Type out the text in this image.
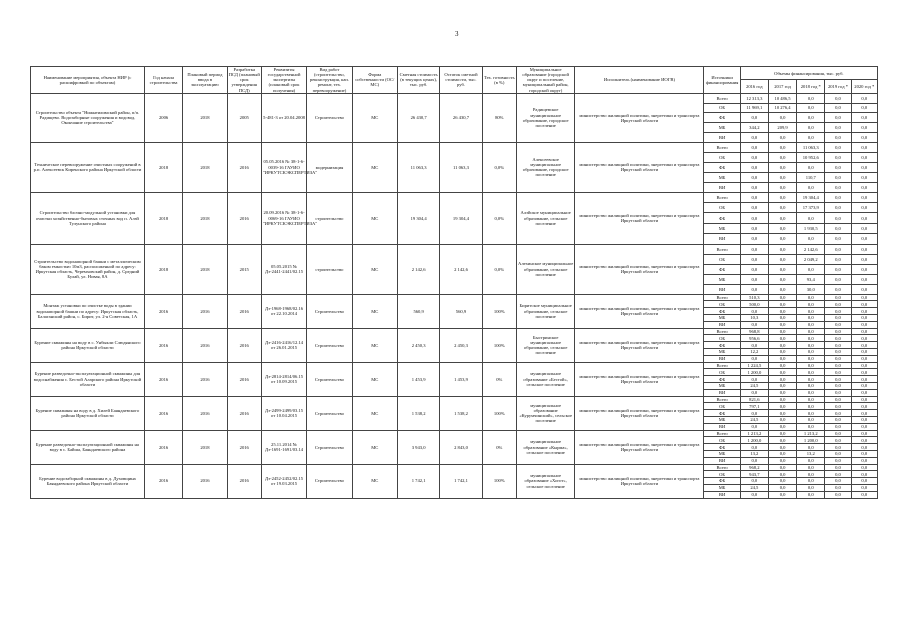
3
Наименование мероприятия, объекта НИР (с расшифровкой по объектам)	Год начала строительства	Плановый период ввода в эксплуатацию	Разработка ПСД (плановый срок утверждения ПСД)	Реквизиты государственной экспертизы (плановый срок получения)	Вид работ (строительство, реконструкция, кап. ремонт, тех. перевооружение)	Форма собственности (ОС/МС)	Сметная стоимость (в текущих ценах), тыс. руб.	Остаток сметной стоимости, тыс. руб.	Тех. готовность (в %)	Муниципальное образование (городской округ и поселение, муниципальный район, городской округ)	Исполнитель (наименование ИОГВ)	Источники финансирования	Объемы финансирования, тыс. руб.				
													2016 год	2017 год	2018 год *	2019 год *	2020 год *
Строительство объекта "Нижнеилимский район, п/п. Радищево. Водозаборные сооружения и водовод. Окончание строительства"	2006	2018	2005	5-481-3 от 20.04.2008	Строительство	МС	26 430,7	26 430,7	80%	Радищевское муниципальное образование, городское поселение	министерство жилищной политики, энергетики и транспорта Иркутской области	Всего	12 313,3	10 486,5	0,0	0,0	0,0
												ОБ	11 969,1	10 276,4	0,0	0,0	0,0
												ФБ	0,0	0,0	0,0	0,0	0,0
												МБ	344,2	209,9	0,0	0,0	0,0
												ВИ	0,0	0,0	0,0	0,0	0,0
Техническое перевооружение очистных сооружений в р.п. Алексеевск Киренского района Иркутской области	2018	2018	2016	05.05.2016 № 38-1-6-0039-16 ГАУИО "ИРКУТСКЭКСПЕРТИЗА"	модернизация	МС	11 063,3	11 063,3	0,0%	Алексеевское муниципальное образование, городское поселение	министерство жилищной политики, энергетики и транспорта Иркутской области	Всего	0,0	0,0	11 063,3	0,0	0,0
												ОБ	0,0	0,0	10 952,6	0,0	0,0
												ФБ	0,0	0,0	0,0	0,0	0,0
												МБ	0,0	0,0	110,7	0,0	0,0
												ВИ	0,0	0,0	0,0	0,0	0,0
Строительство блочно-модульной установки для очистки хозяйственно-бытовых сточных вод п. Алзй Тулунского района	2018	2018	2016	20.09.2016 № 38-1-6-0069-16 ГАУИО "ИРКУТСКЭКСПЕРТИЗА"	строительство	МС	19 304,4	19 304,4	0,0%	Алзйское муниципальное образование, сельское поселение	министерство жилищной политики, энергетики и транспорта Иркутской области	Всего	0,0	0,0	19 304,4	0,0	0,0
												ОБ	0,0	0,0	17 373,9	0,0	0,0
												ФБ	0,0	0,0	0,0	0,0	0,0
												МБ	0,0	0,0	1 930,5	0,0	0,0
												ВИ	0,0	0,0	0,0	0,0	0,0
Строительство водонапорной башни с металлическим баком емкостью 10м3, расположенной по адресу: Иркутская область, Черемховский район, д. Средний Булай, ул. Новая, 8А	2018	2018	2015	05.05.2015 № Дз-2441-2441/02.15	строительство	МС	2 142,6	2 142,6	0,0%	Алехинское муниципальное образование, сельское поселение	министерство жилищной политики, энергетики и транспорта Иркутской области	Всего	0,0	0,0	2 142,6	0,0	0,0
												ОБ	0,0	0,0	2 049,2	0,0	0,0
												ФБ	0,0	0,0	0,0	0,0	0,0
												МБ	0,0	0,0	93,4	0,0	0,0
												ВИ	0,0	0,0	30,0	0,0	0,0
Монтаж установки по очистке воды в здании водонапорной башни по адресу: Иркутская область, Балаганский район, с. Бирит, ул. 2-я Советская, 1А	2016	2016	2016	Дз-1968-1968/02.16 от 22.10.2014	Строительство	МС	560,9	560,9	100%	Биритское муниципальное образование, сельское поселение	министерство жилищной политики, энергетики и транспорта Иркутской области	Всего	510,3	0,0	0,0	0,0	0,0
												ОБ	500,0	0,0	0,0	0,0	0,0
												ФБ	0,0	0,0	0,0	0,0	0,0
												МБ	10,3	0,0	0,0	0,0	0,0
												ВИ	0,0	0,0	0,0	0,0	0,0
Бурение скважины на воду в с. Унбыкли Слюдянского района Иркутской области	2016	2016	2016	Дз-2416-2416/12.14 от 26.01.2015	Строительство	МС	2 450,3	2 450,3	100%	Быстринское муниципальное образование, сельское поселение	министерство жилищной политики, энергетики и транспорта Иркутской области	Всего	968,8	0,0	0,0	0,0	0,0
												ОБ	956,6	0,0	0,0	0,0	0,0
												ФБ	0,0	0,0	0,0	0,0	0,0
												МБ	12,2	0,0	0,0	0,0	0,0
												ВИ	0,0	0,0	0,0	0,0	0,0
Бурение разведочно-эксплуатационной скважины для водоснабжения с. Бестой Аларского района Иркутской области	2016	2016	2016	Дз-2814-2814/06.15 от 10.09.2015	Строительство	МС	1 453,9	1 453,9	0%	муниципальное образование «Бестой», сельское поселение	министерство жилищной политики, энергетики и транспорта Иркутской области	Всего	1 224,5	0,0	0,0	0,0	0,0
												ОБ	1 200,0	0,0	0,0	0,0	0,0
												ФБ	0,0	0,0	0,0	0,0	0,0
												МБ	24,5	0,0	0,0	0,0	0,0
												ВИ	0,0	0,0	0,0	0,0	0,0
Бурение скважины на воду в д. Хилей Баяндаевского района Иркутской области	2016	2016	2016	Дз-2499-2499/03.15 от 10.04.2015	Строительство	МС	1 538,2	1 538,2	100%	муниципальное образование «Курумчинский», сельское поселение	министерство жилищной политики, энергетики и транспорта Иркутской области	Всего	821,6	0,0	0,0	0,0	0,0
												ОБ	797,1	0,0	0,0	0,0	0,0
												ФБ	0,0	0,0	0,0	0,0	0,0
												МБ	24,5	0,0	0,0	0,0	0,0
												ВИ	0,0	0,0	0,0	0,0	0,0
Бурение разведочно-эксплуатационной скважины на воду в с. Байша, Баяндаевского района	2016	2018	2016	25.11.2014 № Дз-1691-1691/03.14	Строительство	МС	3 943,0	2 843,0	0%	муниципальное образование «Кырма», сельское поселение	министерство жилищной политики, энергетики и транспорта Иркутской области	Всего	1 213,2	0,0	1 213,2	0,0	0,0
												ОБ	1 200,0	0,0	1 200,0	0,0	0,0
												ФБ	0,0	0,0	0,0	0,0	0,0
												МБ	13,2	0,0	13,2	0,0	0,0
												ВИ	0,0	0,0	0,0	0,0	0,0
Бурение водозаборной скважины в д. Духовщина Баяндаевского района Иркутской области	2016	2016	2016	Дз-2452-2452/02.15 от 19.03.2015	Строительство	МС	1 742,1	1 742,1	100%	муниципальное образование «Хогот», сельское поселение	министерство жилищной политики, энергетики и транспорта Иркутской области	Всего	968,2	0,0	0,0	0,0	0,0
												ОБ	943,7	0,0	0,0	0,0	0,0
												ФБ	0,0	0,0	0,0	0,0	0,0
												МБ	24,5	0,0	0,0	0,0	0,0
												ВИ	0,0	0,0	0,0	0,0	0,0
